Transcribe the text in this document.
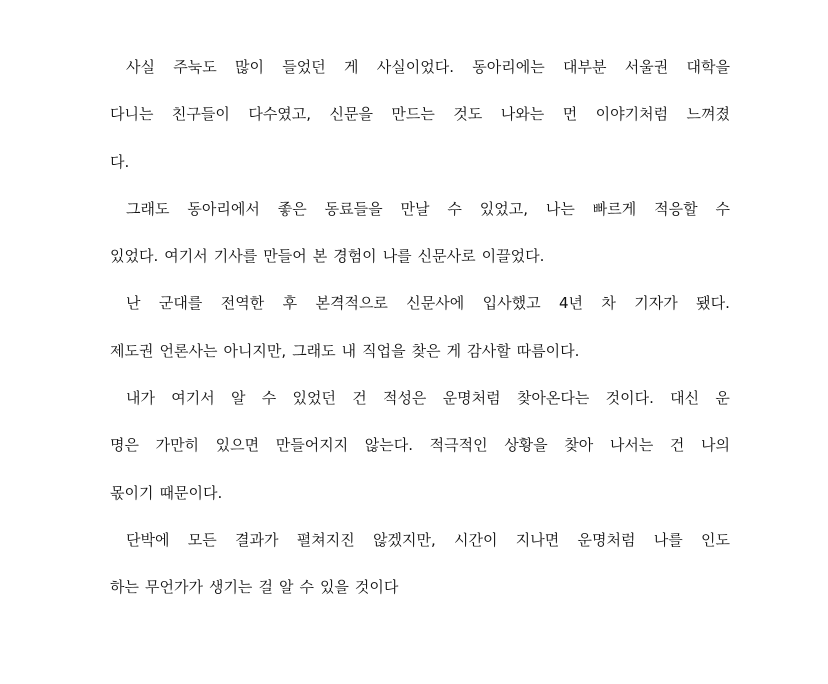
사실 주눅도 많이 들었던 게 사실이었다. 동아리에는 대부분 서울권 대학을
다니는 친구들이 다수였고, 신문을 만드는 것도 나와는 먼 이야기처럼 느껴졌
다.
그래도 동아리에서 좋은 동료들을 만날 수 있었고, 나는 빠르게 적응할 수
있었다. 여기서 기사를 만들어 본 경험이 나를 신문사로 이끌었다.
난 군대를 전역한 후 본격적으로 신문사에 입사했고 4년 차 기자가 됐다.
제도권 언론사는 아니지만, 그래도 내 직업을 찾은 게 감사할 따름이다.
내가 여기서 알 수 있었던 건 적성은 운명처럼 찾아온다는 것이다. 대신 운
명은 가만히 있으면 만들어지지 않는다. 적극적인 상황을 찾아 나서는 건 나의
몫이기 때문이다.
단박에 모든 결과가 펼쳐지진 않겠지만, 시간이 지나면 운명처럼 나를 인도
하는 무언가가 생기는 걸 알 수 있을 것이다
